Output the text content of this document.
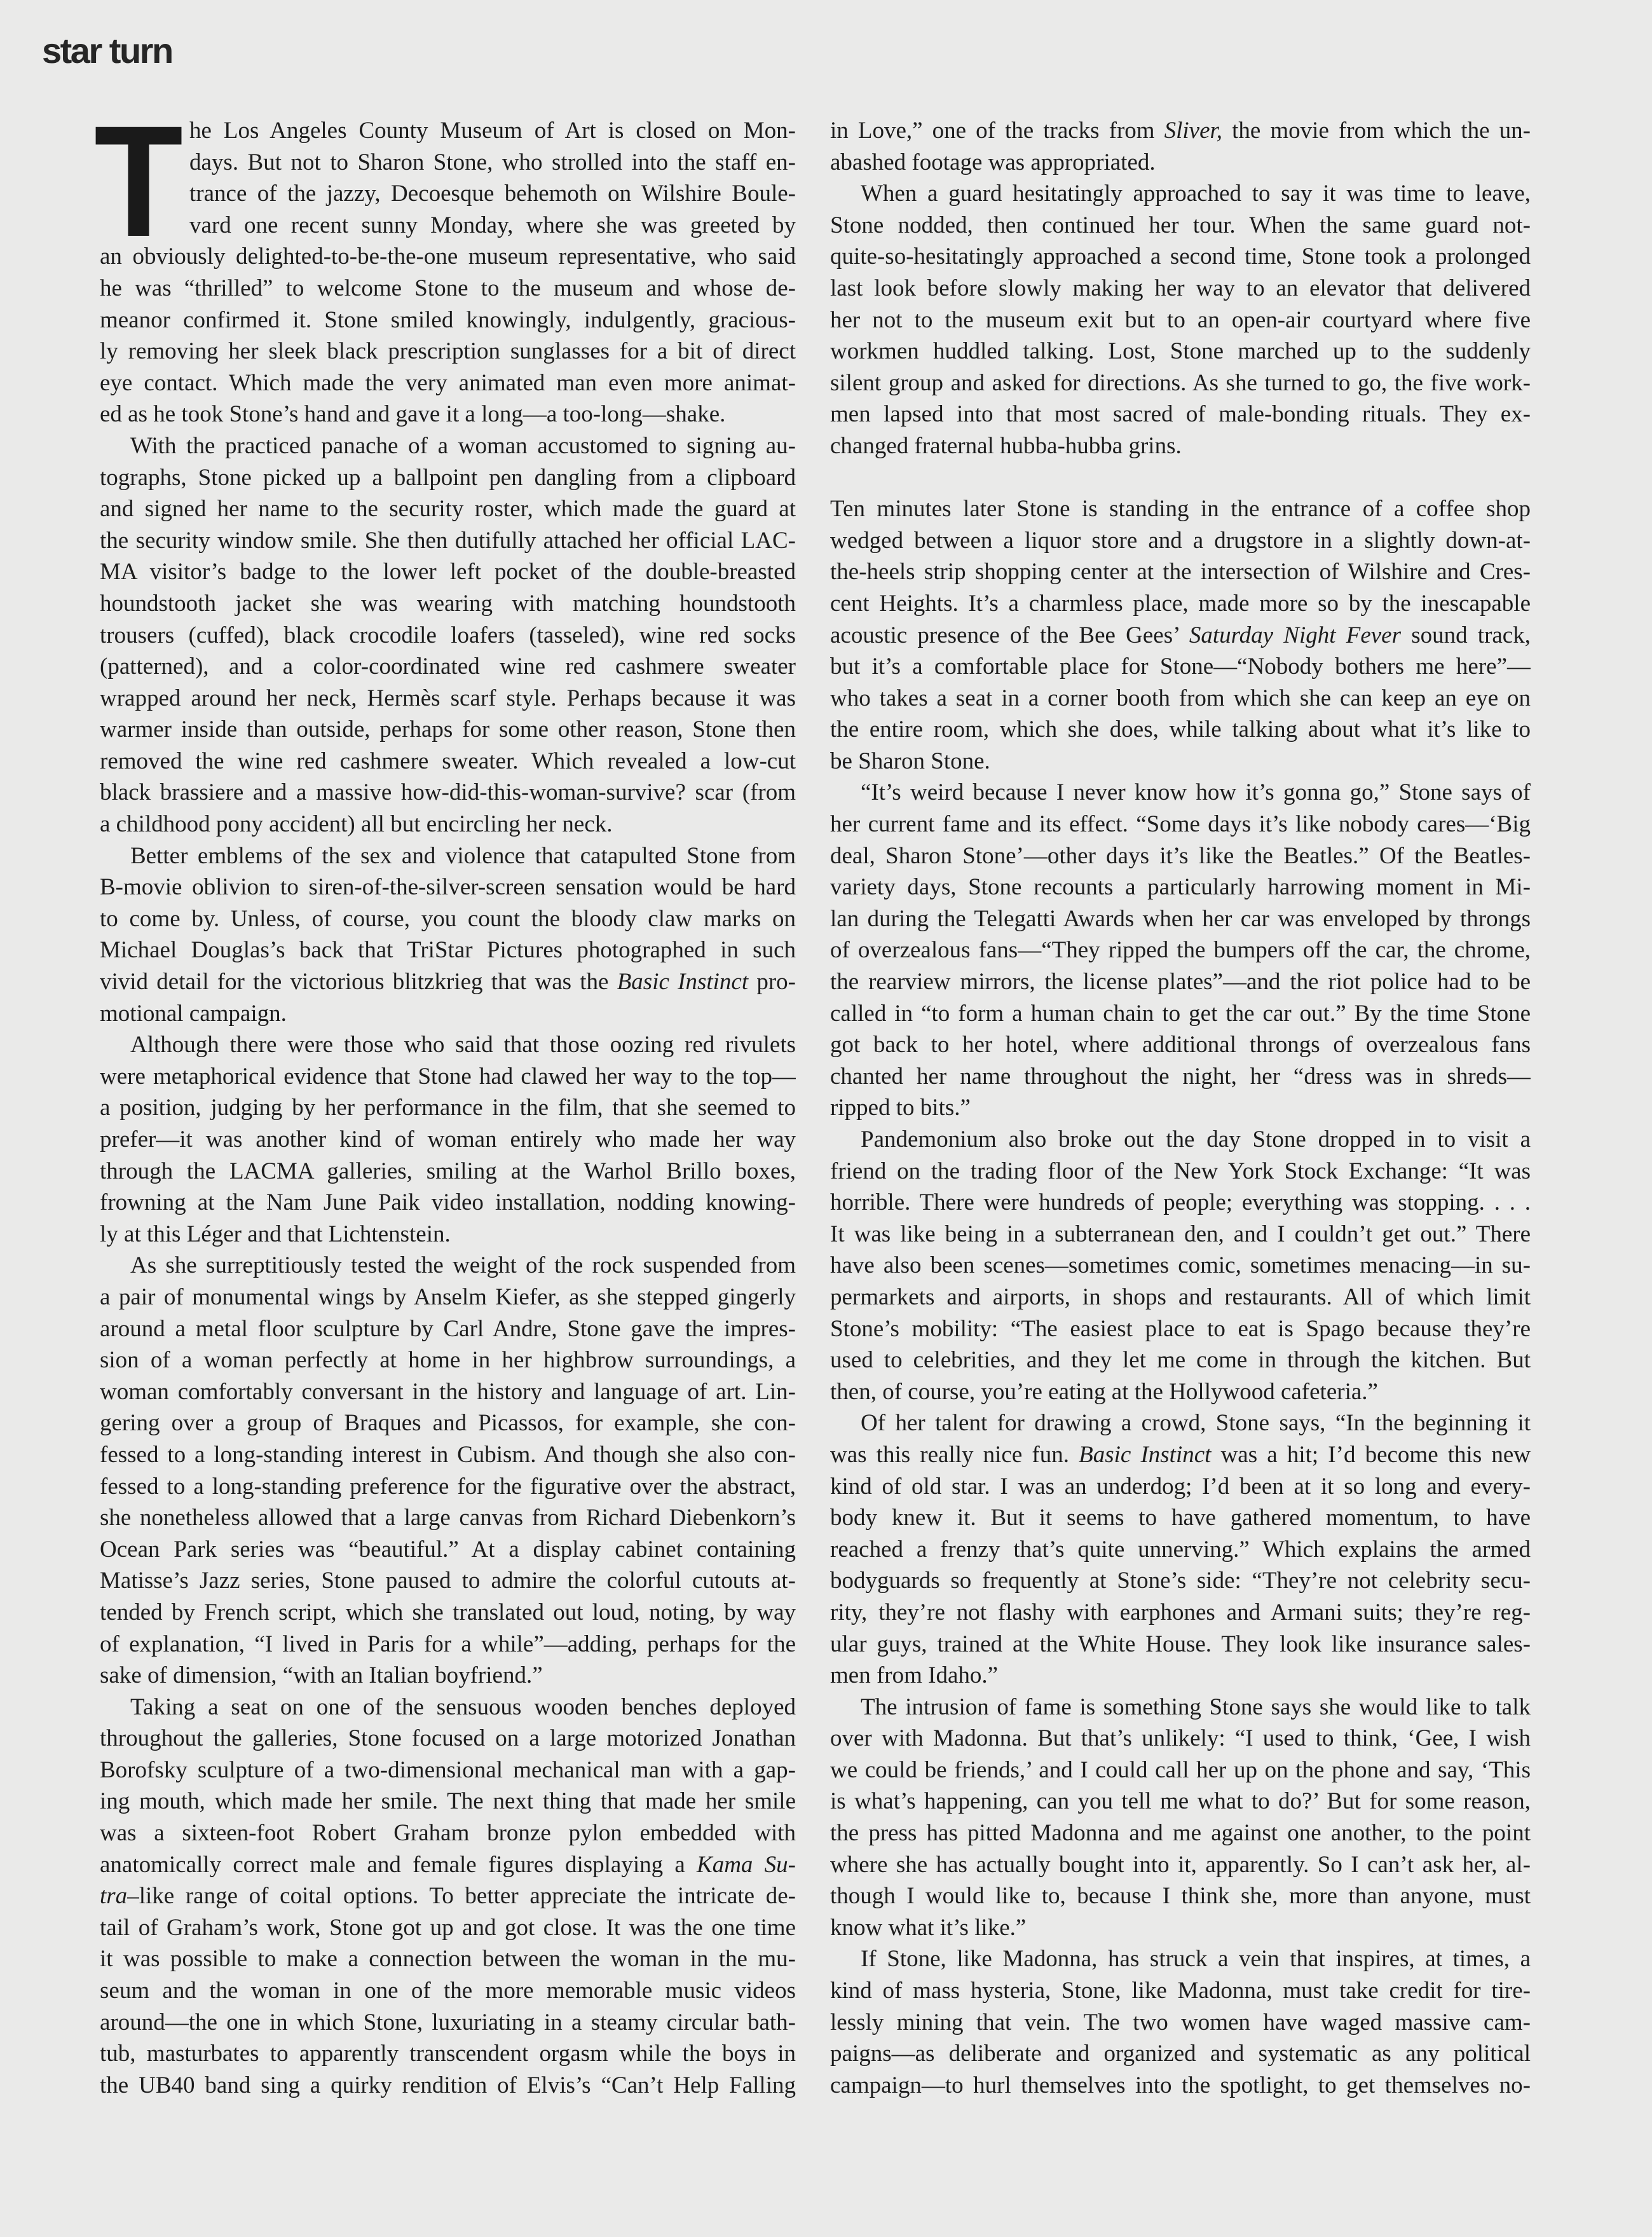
star turn
T he Los Angeles County Museum of Art is closed on Mon-
days. But not to Sharon Stone, who strolled into the staff en-
trance of the jazzy, Decoesque behemoth on Wilshire Boule-
vard one recent sunny Monday, where she was greeted by
an obviously delighted-to-be-the-one museum representative, who said
he was “thrilled” to welcome Stone to the museum and whose de-
meanor confirmed it. Stone smiled knowingly, indulgently, gracious-
ly removing her sleek black prescription sunglasses for a bit of direct
eye contact. Which made the very animated man even more animat-
ed as he took Stone’s hand and gave it a long—a too-long—shake.
With the practiced panache of a woman accustomed to signing au-
tographs, Stone picked up a ballpoint pen dangling from a clipboard
and signed her name to the security roster, which made the guard at
the security window smile. She then dutifully attached her official LAC-
MA visitor’s badge to the lower left pocket of the double-breasted
houndstooth jacket she was wearing with matching houndstooth
trousers (cuffed), black crocodile loafers (tasseled), wine red socks
(patterned), and a color-coordinated wine red cashmere sweater
wrapped around her neck, Hermès scarf style. Perhaps because it was
warmer inside than outside, perhaps for some other reason, Stone then
removed the wine red cashmere sweater. Which revealed a low-cut
black brassiere and a massive how-did-this-woman-survive? scar (from
a childhood pony accident) all but encircling her neck.
Better emblems of the sex and violence that catapulted Stone from
B-movie oblivion to siren-of-the-silver-screen sensation would be hard
to come by. Unless, of course, you count the bloody claw marks on
Michael Douglas’s back that TriStar Pictures photographed in such
vivid detail for the victorious blitzkrieg that was the Basic Instinct pro-
motional campaign.
Although there were those who said that those oozing red rivulets
were metaphorical evidence that Stone had clawed her way to the top—
a position, judging by her performance in the film, that she seemed to
prefer—it was another kind of woman entirely who made her way
through the LACMA galleries, smiling at the Warhol Brillo boxes,
frowning at the Nam June Paik video installation, nodding knowing-
ly at this Léger and that Lichtenstein.
As she surreptitiously tested the weight of the rock suspended from
a pair of monumental wings by Anselm Kiefer, as she stepped gingerly
around a metal floor sculpture by Carl Andre, Stone gave the impres-
sion of a woman perfectly at home in her highbrow surroundings, a
woman comfortably conversant in the history and language of art. Lin-
gering over a group of Braques and Picassos, for example, she con-
fessed to a long-standing interest in Cubism. And though she also con-
fessed to a long-standing preference for the figurative over the abstract,
she nonetheless allowed that a large canvas from Richard Diebenkorn’s
Ocean Park series was “beautiful.” At a display cabinet containing
Matisse’s Jazz series, Stone paused to admire the colorful cutouts at-
tended by French script, which she translated out loud, noting, by way
of explanation, “I lived in Paris for a while”—adding, perhaps for the
sake of dimension, “with an Italian boyfriend.”
Taking a seat on one of the sensuous wooden benches deployed
throughout the galleries, Stone focused on a large motorized Jonathan
Borofsky sculpture of a two-dimensional mechanical man with a gap-
ing mouth, which made her smile. The next thing that made her smile
was a sixteen-foot Robert Graham bronze pylon embedded with
anatomically correct male and female figures displaying a Kama Su-
tra–like range of coital options. To better appreciate the intricate de-
tail of Graham’s work, Stone got up and got close. It was the one time
it was possible to make a connection between the woman in the mu-
seum and the woman in one of the more memorable music videos
around—the one in which Stone, luxuriating in a steamy circular bath-
tub, masturbates to apparently transcendent orgasm while the boys in
the UB40 band sing a quirky rendition of Elvis’s “Can’t Help Falling
in Love,” one of the tracks from Sliver, the movie from which the un-
abashed footage was appropriated.
When a guard hesitatingly approached to say it was time to leave,
Stone nodded, then continued her tour. When the same guard not-
quite-so-hesitatingly approached a second time, Stone took a prolonged
last look before slowly making her way to an elevator that delivered
her not to the museum exit but to an open-air courtyard where five
workmen huddled talking. Lost, Stone marched up to the suddenly
silent group and asked for directions. As she turned to go, the five work-
men lapsed into that most sacred of male-bonding rituals. They ex-
changed fraternal hubba-hubba grins.
Ten minutes later Stone is standing in the entrance of a coffee shop
wedged between a liquor store and a drugstore in a slightly down-at-
the-heels strip shopping center at the intersection of Wilshire and Cres-
cent Heights. It’s a charmless place, made more so by the inescapable
acoustic presence of the Bee Gees’ Saturday Night Fever sound track,
but it’s a comfortable place for Stone—“Nobody bothers me here”—
who takes a seat in a corner booth from which she can keep an eye on
the entire room, which she does, while talking about what it’s like to
be Sharon Stone.
“It’s weird because I never know how it’s gonna go,” Stone says of
her current fame and its effect. “Some days it’s like nobody cares—‘Big
deal, Sharon Stone’—other days it’s like the Beatles.” Of the Beatles-
variety days, Stone recounts a particularly harrowing moment in Mi-
lan during the Telegatti Awards when her car was enveloped by throngs
of overzealous fans—“They ripped the bumpers off the car, the chrome,
the rearview mirrors, the license plates”—and the riot police had to be
called in “to form a human chain to get the car out.” By the time Stone
got back to her hotel, where additional throngs of overzealous fans
chanted her name throughout the night, her “dress was in shreds—
ripped to bits.”
Pandemonium also broke out the day Stone dropped in to visit a
friend on the trading floor of the New York Stock Exchange: “It was
horrible. There were hundreds of people; everything was stopping. . . .
It was like being in a subterranean den, and I couldn’t get out.” There
have also been scenes—sometimes comic, sometimes menacing—in su-
permarkets and airports, in shops and restaurants. All of which limit
Stone’s mobility: “The easiest place to eat is Spago because they’re
used to celebrities, and they let me come in through the kitchen. But
then, of course, you’re eating at the Hollywood cafeteria.”
Of her talent for drawing a crowd, Stone says, “In the beginning it
was this really nice fun. Basic Instinct was a hit; I’d become this new
kind of old star. I was an underdog; I’d been at it so long and every-
body knew it. But it seems to have gathered momentum, to have
reached a frenzy that’s quite unnerving.” Which explains the armed
bodyguards so frequently at Stone’s side: “They’re not celebrity secu-
rity, they’re not flashy with earphones and Armani suits; they’re reg-
ular guys, trained at the White House. They look like insurance sales-
men from Idaho.”
The intrusion of fame is something Stone says she would like to talk
over with Madonna. But that’s unlikely: “I used to think, ‘Gee, I wish
we could be friends,’ and I could call her up on the phone and say, ‘This
is what’s happening, can you tell me what to do?’ But for some reason,
the press has pitted Madonna and me against one another, to the point
where she has actually bought into it, apparently. So I can’t ask her, al-
though I would like to, because I think she, more than anyone, must
know what it’s like.”
If Stone, like Madonna, has struck a vein that inspires, at times, a
kind of mass hysteria, Stone, like Madonna, must take credit for tire-
lessly mining that vein. The two women have waged massive cam-
paigns—as deliberate and organized and systematic as any political
campaign—to hurl themselves into the spotlight, to get themselves no-
